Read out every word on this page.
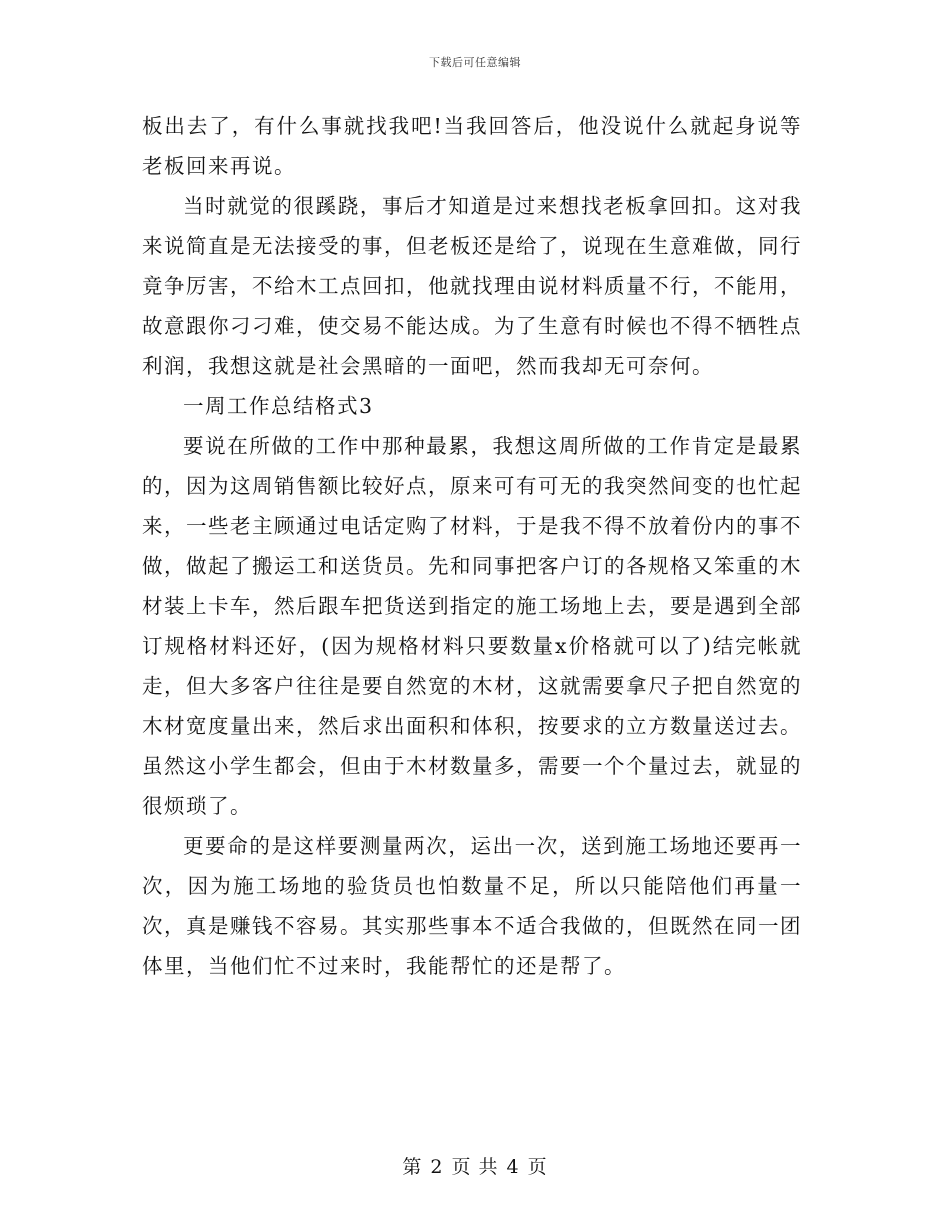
下载后可任意编辑

板出去了，有什么事就找我吧!当我回答后，他没说什么就起身说等老板回来再说。

当时就觉的很蹊跷，事后才知道是过来想找老板拿回扣。这对我来说简直是无法接受的事，但老板还是给了，说现在生意难做，同行竟争厉害，不给木工点回扣，他就找理由说材料质量不行，不能用，故意跟你刁刁难，使交易不能达成。为了生意有时候也不得不牺牲点利润，我想这就是社会黑暗的一面吧，然而我却无可奈何。

一周工作总结格式3

要说在所做的工作中那种最累，我想这周所做的工作肯定是最累的，因为这周销售额比较好点，原来可有可无的我突然间变的也忙起来，一些老主顾通过电话定购了材料，于是我不得不放着份内的事不做，做起了搬运工和送货员。先和同事把客户订的各规格又笨重的木材装上卡车，然后跟车把货送到指定的施工场地上去，要是遇到全部订规格材料还好，(因为规格材料只要数量x价格就可以了)结完帐就走，但大多客户往往是要自然宽的木材，这就需要拿尺子把自然宽的木材宽度量出来，然后求出面积和体积，按要求的立方数量送过去。虽然这小学生都会，但由于木材数量多，需要一个个量过去，就显的很烦琐了。

更要命的是这样要测量两次，运出一次，送到施工场地还要再一次，因为施工场地的验货员也怕数量不足，所以只能陪他们再量一次，真是赚钱不容易。其实那些事本不适合我做的，但既然在同一团体里，当他们忙不过来时，我能帮忙的还是帮了。

第 2 页 共 4 页
